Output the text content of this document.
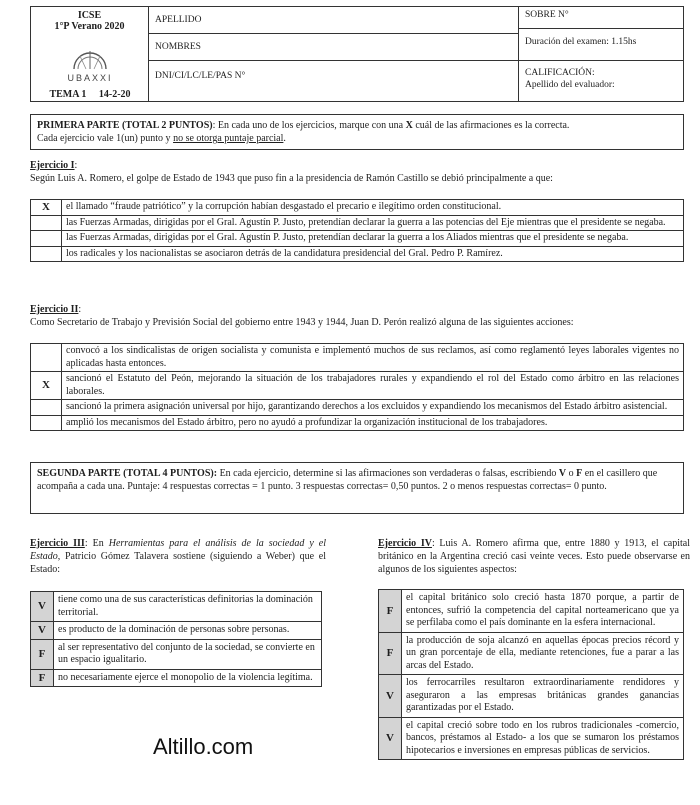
ICSE
1°P Verano 2020
UBAXXI
TEMA 1     14-2-20
APELLIDO
NOMBRES
DNI/CI/LC/LE/PAS N°
SOBRE N°
Duración del examen: 1.15hs
CALIFICACIÓN:
Apellido del evaluador:
PRIMERA PARTE (TOTAL 2 PUNTOS): En cada uno de los ejercicios, marque con una X cuál de las afirmaciones es la correcta.
Cada ejercicio vale 1(un) punto y no se otorga puntaje parcial.
Ejercicio I:
Según Luis A. Romero, el golpe de Estado de 1943 que puso fin a la presidencia de Ramón Castillo se debió principalmente a que:
X	el llamado “fraude patriótico” y la corrupción habían desgastado el precario e ilegítimo orden constitucional.
	las Fuerzas Armadas, dirigidas por el Gral. Agustín P. Justo, pretendían declarar la guerra a las potencias del Eje mientras que el presidente se negaba.
	las Fuerzas Armadas, dirigidas por el Gral. Agustín P. Justo, pretendían declarar la guerra a los Aliados mientras que el presidente se negaba.
	los radicales y los nacionalistas se asociaron detrás de la candidatura presidencial del Gral. Pedro P. Ramírez.
Ejercicio II:
Como Secretario de Trabajo y Previsión Social del gobierno entre 1943 y 1944, Juan D. Perón realizó alguna de las siguientes acciones:
	convocó a los sindicalistas de origen socialista y comunista e implementó muchos de sus reclamos, así como reglamentó leyes laborales vigentes no aplicadas hasta entonces.
X	sancionó el Estatuto del Peón, mejorando la situación de los trabajadores rurales y expandiendo el rol del Estado como árbitro en las relaciones laborales.
	sancionó la primera asignación universal por hijo, garantizando derechos a los excluidos y expandiendo los mecanismos del Estado árbitro asistencial.
	amplió los mecanismos del Estado árbitro, pero no ayudó a profundizar la organización institucional de los trabajadores.
SEGUNDA PARTE (TOTAL 4 PUNTOS): En cada ejercicio, determine si las afirmaciones son verdaderas o falsas, escribiendo V o F en el casillero que acompaña a cada una. Puntaje: 4 respuestas correctas = 1 punto. 3 respuestas correctas= 0,50 puntos. 2 o menos respuestas correctas= 0 punto.
Ejercicio III: En Herramientas para el análisis de la sociedad y el Estado, Patricio Gómez Talavera sostiene (siguiendo a Weber) que el Estado:
V	tiene como una de sus características definitorias la dominación territorial.
V	es producto de la dominación de personas sobre personas.
F	al ser representativo del conjunto de la sociedad, se convierte en un espacio igualitario.
F	no necesariamente ejerce el monopolio de la violencia legítima.
Ejercicio IV: Luis A. Romero afirma que, entre 1880 y 1913, el capital británico en la Argentina creció casi veinte veces. Esto puede observarse en algunos de los siguientes aspectos:
F	el capital británico solo creció hasta 1870 porque, a partir de entonces, sufrió la competencia del capital norteamericano que ya se perfilaba como el país dominante en la esfera internacional.
F	la producción de soja alcanzó en aquellas épocas precios récord y un gran porcentaje de ella, mediante retenciones, fue a parar a las arcas del Estado.
V	los ferrocarriles resultaron extraordinariamente rendidores y aseguraron a las empresas británicas grandes ganancias garantizadas por el Estado.
V	el capital creció sobre todo en los rubros tradicionales -comercio, bancos, préstamos al Estado- a los que se sumaron los préstamos hipotecarios e inversiones en empresas públicas de servicios.
Altillo.com
